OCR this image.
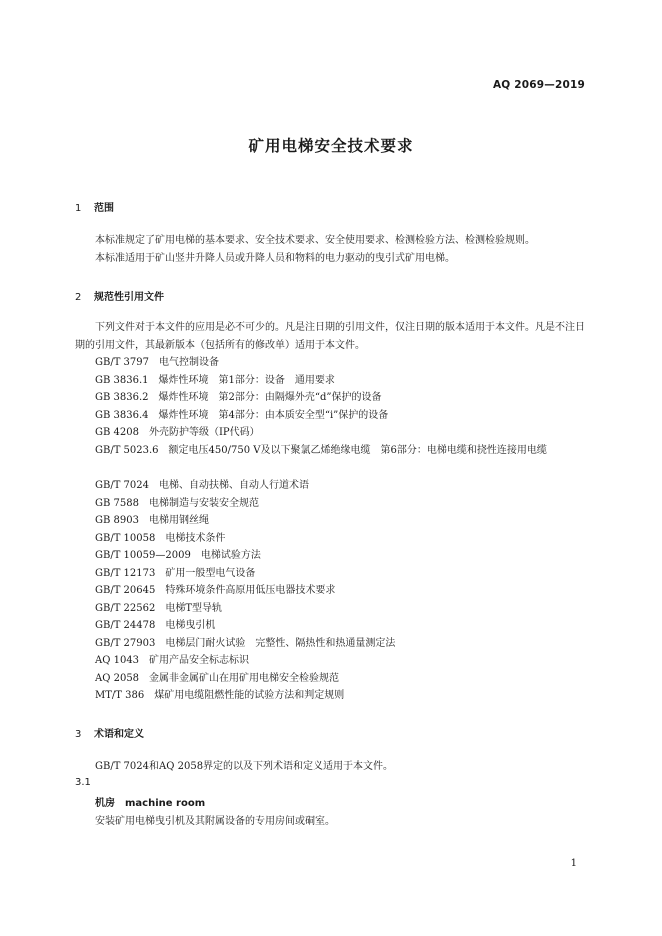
AQ 2069—2019
矿用电梯安全技术要求
1 范围
本标准规定了矿用电梯的基本要求、安全技术要求、安全使用要求、检测检验方法、检测检验规则。
本标准适用于矿山竖井升降人员或升降人员和物料的电力驱动的曳引式矿用电梯。
2 规范性引用文件
下列文件对于本文件的应用是必不可少的。凡是注日期的引用文件，仅注日期的版本适用于本文件。凡是不注日期的引用文件，其最新版本（包括所有的修改单）适用于本文件。
GB/T 3797　电气控制设备
GB 3836.1　爆炸性环境　第1部分：设备　通用要求
GB 3836.2　爆炸性环境　第2部分：由隔爆外壳“d”保护的设备
GB 3836.4　爆炸性环境　第4部分：由本质安全型“i”保护的设备
GB 4208　外壳防护等级（IP代码）
GB/T 5023.6　额定电压450/750 V及以下聚氯乙烯绝缘电缆　第6部分：电梯电缆和挠性连接用电缆
GB/T 7024　电梯、自动扶梯、自动人行道术语
GB 7588　电梯制造与安装安全规范
GB 8903　电梯用钢丝绳
GB/T 10058　电梯技术条件
GB/T 10059—2009　电梯试验方法
GB/T 12173　矿用一般型电气设备
GB/T 20645　特殊环境条件高原用低压电器技术要求
GB/T 22562　电梯T型导轨
GB/T 24478　电梯曳引机
GB/T 27903　电梯层门耐火试验　完整性、隔热性和热通量测定法
AQ 1043　矿用产品安全标志标识
AQ 2058　金属非金属矿山在用矿用电梯安全检验规范
MT/T 386　煤矿用电缆阻燃性能的试验方法和判定规则
3 术语和定义
GB/T 7024和AQ 2058界定的以及下列术语和定义适用于本文件。
3.1
机房 machine room
安装矿用电梯曳引机及其附属设备的专用房间或硐室。
1
